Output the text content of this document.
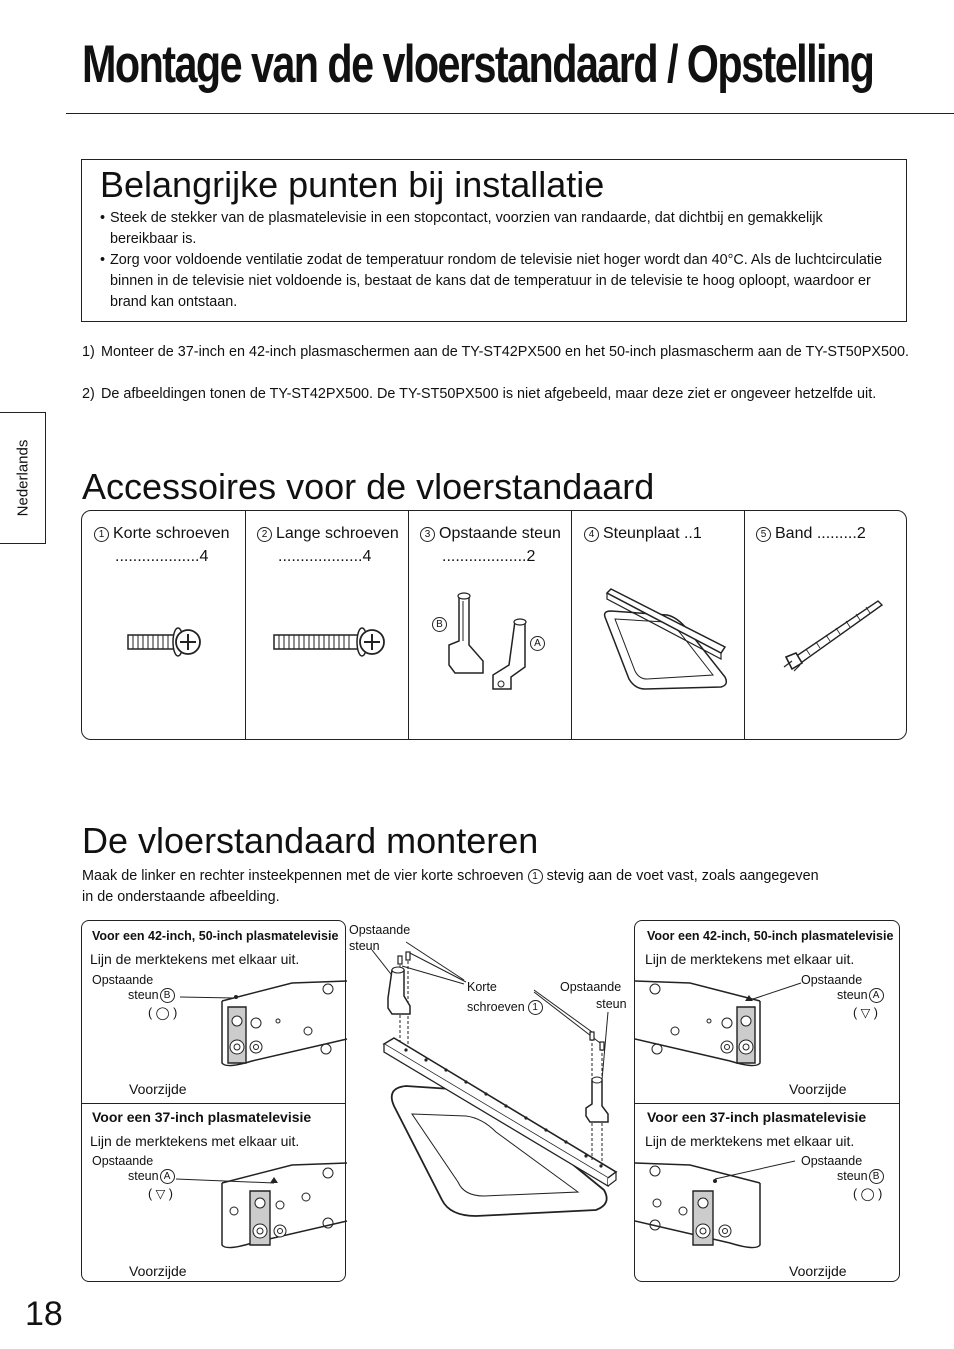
Montage van de vloerstandaard / Opstelling
Belangrijke punten bij installatie
• Steek de stekker van de plasmatelevisie in een stopcontact, voorzien van randaarde, dat dichtbij en gemakkelijk bereikbaar is.
• Zorg voor voldoende ventilatie zodat de temperatuur rondom de televisie niet hoger wordt dan 40°C. Als de luchtcirculatie binnen in de televisie niet voldoende is, bestaat de kans dat de temperatuur in de televisie te hoog oploopt, waardoor er brand kan ontstaan.
1) Monteer de 37-inch en 42-inch plasmaschermen aan de TY-ST42PX500 en het 50-inch plasmascherm aan de TY-ST50PX500.
2) De afbeeldingen tonen de TY-ST42PX500. De TY-ST50PX500 is niet afgebeeld, maar deze ziet er ongeveer hetzelfde uit.
Nederlands Accessoires voor de vloerstandaard
1 Korte schroeven
...................4
2 Lange schroeven
...................4
3 Opstaande steun
...................2
B
A
4 Steunplaat ..1	5 Band .........2
De vloerstandaard monteren
Maak de linker en rechter insteekpennen met de vier korte schroeven 1 stevig aan de voet vast, zoals aangegeven
in de onderstaande afbeelding.
Voor een 42-inch, 50-inch plasmatelevisie
Lijn de merktekens met elkaar uit.
Opstaande
steun B
( ◯ )
Voorzijde
Voor een 37-inch plasmatelevisie
Lijn de merktekens met elkaar uit.
Opstaande
steun A
( ▽ )
Voorzijde
Voor een 42-inch, 50-inch plasmatelevisie
Lijn de merktekens met elkaar uit.
Opstaande
steun A
( ▽ )
Voorzijde
Voor een 37-inch plasmatelevisie
Lijn de merktekens met elkaar uit.
Opstaande
steun B
( ◯ )
Voorzijde
Opstaande
steun
Korte
schroeven 1
Opstaande
steun
18
